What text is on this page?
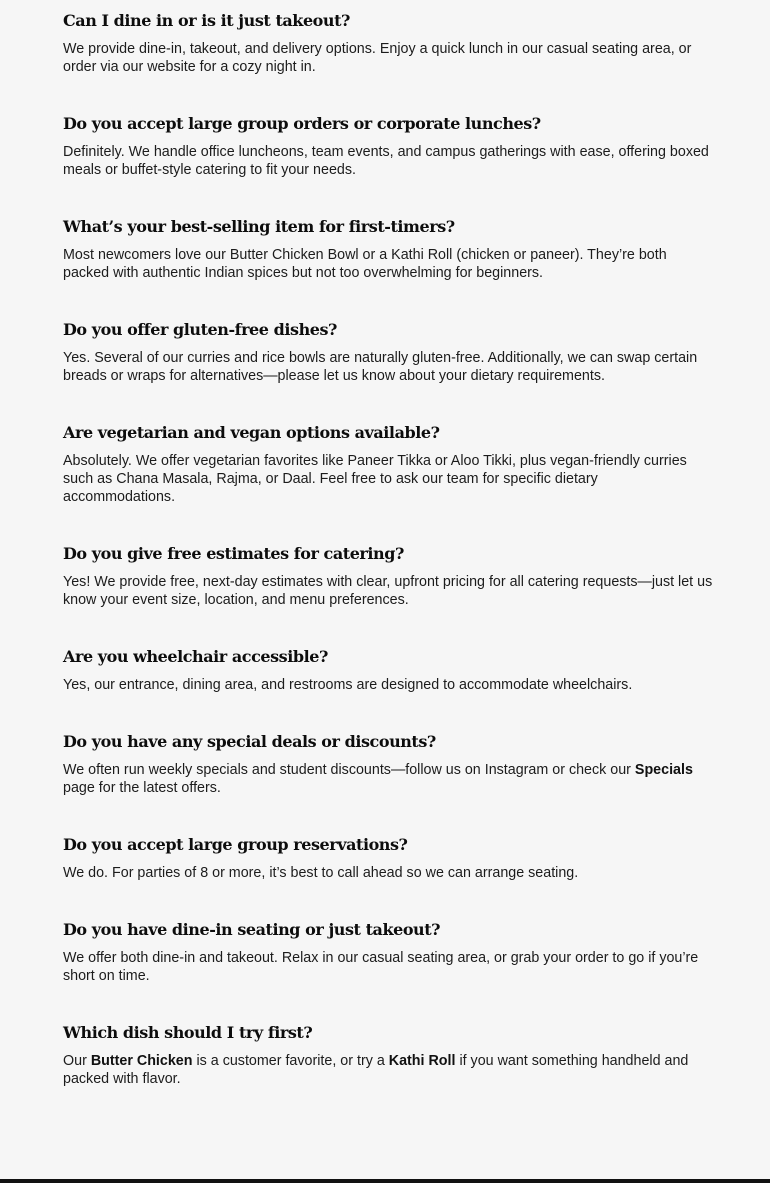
Can I dine in or is it just takeout?

We provide dine-in, takeout, and delivery options. Enjoy a quick lunch in our casual seating area, or order via our website for a cozy night in.

Do you accept large group orders or corporate lunches?

Definitely. We handle office luncheons, team events, and campus gatherings with ease, offering boxed meals or buffet-style catering to fit your needs.

What’s your best-selling item for first-timers?

Most newcomers love our Butter Chicken Bowl or a Kathi Roll (chicken or paneer). They’re both packed with authentic Indian spices but not too overwhelming for beginners.

Do you offer gluten-free dishes?

Yes. Several of our curries and rice bowls are naturally gluten-free. Additionally, we can swap certain breads or wraps for alternatives—please let us know about your dietary requirements.

Are vegetarian and vegan options available?

Absolutely. We offer vegetarian favorites like Paneer Tikka or Aloo Tikki, plus vegan-friendly curries such as Chana Masala, Rajma, or Daal. Feel free to ask our team for specific dietary accommodations.

Do you give free estimates for catering?

Yes! We provide free, next-day estimates with clear, upfront pricing for all catering requests—just let us know your event size, location, and menu preferences.

Are you wheelchair accessible?

Yes, our entrance, dining area, and restrooms are designed to accommodate wheelchairs.

Do you have any special deals or discounts?

We often run weekly specials and student discounts—follow us on Instagram or check our Specials page for the latest offers.

Do you accept large group reservations?

We do. For parties of 8 or more, it’s best to call ahead so we can arrange seating.

Do you have dine-in seating or just takeout?

We offer both dine-in and takeout. Relax in our casual seating area, or grab your order to go if you’re short on time.

Which dish should I try first?

Our Butter Chicken is a customer favorite, or try a Kathi Roll if you want something handheld and packed with flavor.
